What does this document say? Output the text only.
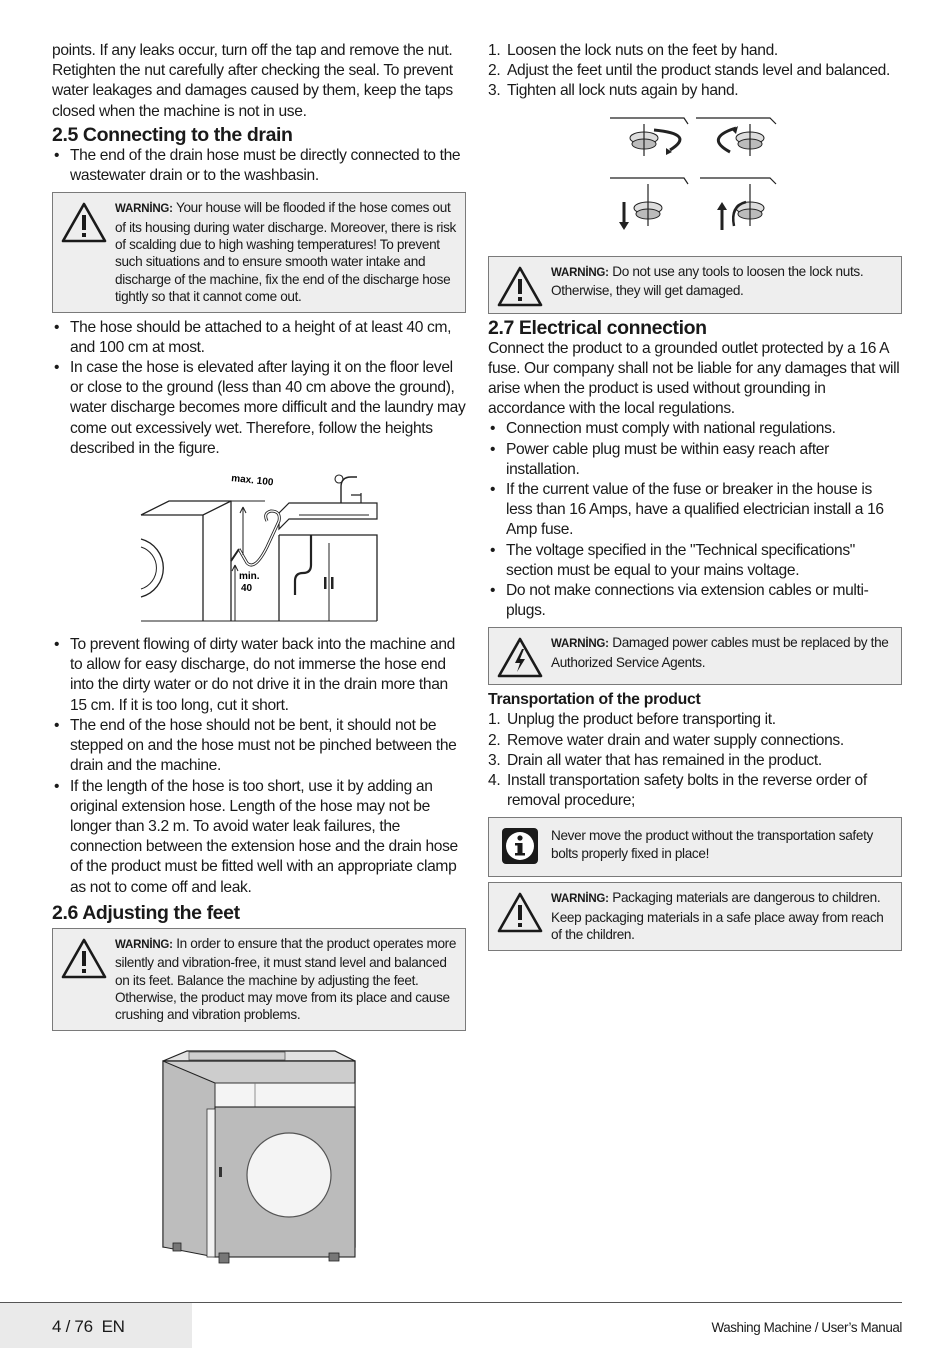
points. If any leaks occur, turn off the tap and remove the nut. Retighten the nut carefully after checking the seal. To prevent water leakages and damages caused by them, keep the taps closed when the machine is not in use.

2.5 Connecting to the drain
• The end of the drain hose must be directly connected to the wastewater drain or to the washbasin.
WARNİNG: Your house will be flooded if the hose comes out of its housing during water discharge. Moreover, there is risk of scalding due to high washing temperatures! To prevent such situations and to ensure smooth water intake and discharge of the machine, fix the end of the discharge hose tightly so that it cannot come out.
• The hose should be attached to a height of at least 40 cm, and 100 cm at most.
• In case the hose is elevated after laying it on the floor level or close to the ground (less than 40 cm above the ground), water discharge becomes more difficult and the laundry may come out excessively wet. Therefore, follow the heights described in the figure.
max. 100
min.
40
• To prevent flowing of dirty water back into the machine and to allow for easy discharge, do not immerse the hose end into the dirty water or do not drive it in the drain more than 15 cm. If it is too long, cut it short.
• The end of the hose should not be bent, it should not be stepped on and the hose must not be pinched between the drain and the machine.
• If the length of the hose is too short, use it by adding an original extension hose. Length of the hose may not be longer than 3.2 m. To avoid water leak failures, the connection between the extension hose and the drain hose of the product must be fitted well with an appropriate clamp as not to come off and leak.
2.6 Adjusting the feet
WARNİNG: In order to ensure that the product operates more silently and vibration-free, it must stand level and balanced on its feet. Balance the machine by adjusting the feet. Otherwise, the product may move from its place and cause crushing and vibration problems.
1. Loosen the lock nuts on the feet by hand.
2. Adjust the feet until the product stands level and balanced.
3. Tighten all lock nuts again by hand.
WARNİNG: Do not use any tools to loosen the lock nuts. Otherwise, they will get damaged.
2.7 Electrical connection

Connect the product to a grounded outlet protected by a 16 A fuse. Our company shall not be liable for any damages that will arise when the product is used without grounding in accordance with the local regulations.

• Connection must comply with national regulations.
• Power cable plug must be within easy reach after installation.
• If the current value of the fuse or breaker in the house is less than 16 Amps, have a qualified electrician install a 16 Amp fuse.
• The voltage specified in the "Technical specifications" section must be equal to your mains voltage.
• Do not make connections via extension cables or multi-plugs.
WARNİNG: Damaged power cables must be replaced by the Authorized Service Agents.
Transportation of the product
1. Unplug the product before transporting it.
2. Remove water drain and water supply connections.
3. Drain all water that has remained in the product.
4. Install transportation safety bolts in the reverse order of removal procedure;
Never move the product without the transportation safety bolts properly fixed in place!
WARNİNG: Packaging materials are dangerous to children. Keep packaging materials in a safe place away from reach of the children.
4 / 76  EN	Washing Machine / User’s Manual
